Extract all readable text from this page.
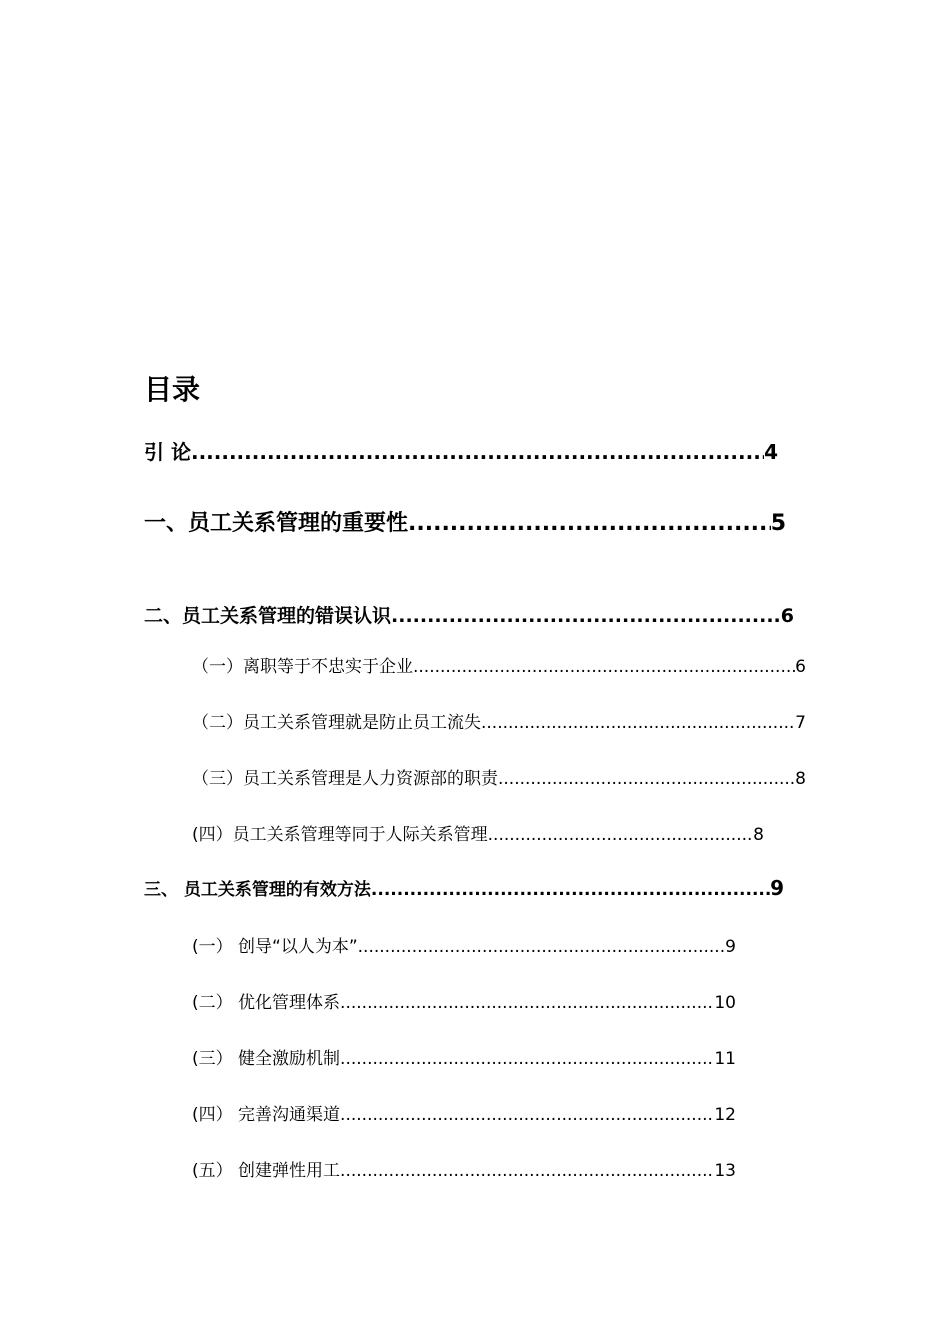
目录
引 论 .....	4
一、员工关系管理的重要性 .....	5
二、员工关系管理的错误认识 .....	6
（一）离职等于不忠实于企业 .....	6
（二）员工关系管理就是防止员工流失 .....	7
（三）员工关系管理是人力资源部的职责 .....	8
(四）员工关系管理等同于人际关系管理 .....	8
三、 员工关系管理的有效方法 .....	9
(一） 创导“以人为本” .....	9
(二） 优化管理体系 .....	10
(三） 健全激励机制 .....	11
(四） 完善沟通渠道 .....	12
(五） 创建弹性用工 .....	13
